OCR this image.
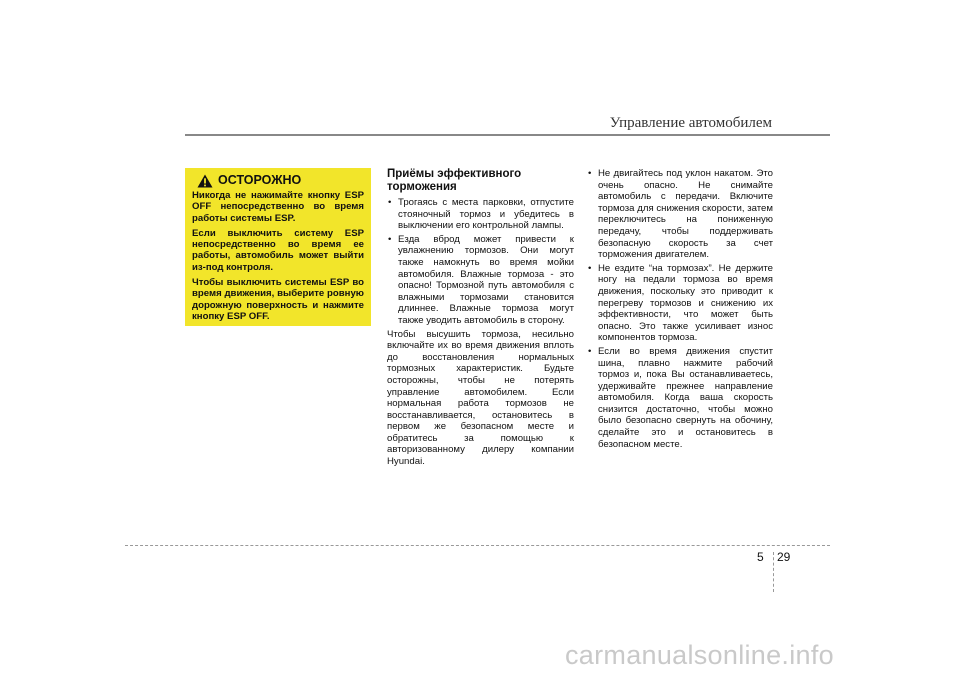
Управление автомобилем
ОСТОРОЖНО

Никогда не нажимайте кнопку ESP OFF непосредственно во время работы системы ESP.

Если выключить систему ESP непосредственно во время ее работы, автомобиль может выйти из-под контроля.

Чтобы выключить системы ESP во время движения, выберите ровную дорожную поверхность и нажмите кнопку ESP OFF.

Приёмы эффективного торможения
• Трогаясь с места парковки, отпустите стояночный тормоз и убедитесь в выключении его контрольной лампы.
• Езда вброд может привести к увлажнению тормозов. Они могут также намокнуть во время мойки автомобиля. Влажные тормоза - это опасно! Тормозной путь автомобиля с влажными тормозами становится длиннее. Влажные тормоза могут также уводить автомобиль в сторону.

Чтобы высушить тормоза, несильно включайте их во время движения вплоть до восстановления нормальных тормозных характеристик. Будьте осторожны, чтобы не потерять управление автомобилем. Если нормальная работа тормозов не восстанавливается, остановитесь в первом же безопасном месте и обратитесь за помощью к авторизованному дилеру компании Hyundai.

• Не двигайтесь под уклон накатом. Это очень опасно. Не снимайте автомобиль с передачи. Включите тормоза для снижения скорости, затем переключитесь на пониженную передачу, чтобы поддерживать безопасную скорость за счет торможения двигателем.
• Не ездите “на тормозах”. Не держите ногу на педали тормоза во время движения, поскольку это приводит к перегреву тормозов и снижению их эффективности, что может быть опасно. Это также усиливает износ компонентов тормоза.
• Если во время движения спустит шина, плавно нажмите рабочий тормоз и, пока Вы останавливаетесь, удерживайте прежнее направление автомобиля. Когда ваша скорость снизится достаточно, чтобы можно было безопасно свернуть на обочину, сделайте это и остановитесь в безопасном месте.
5 29
carmanualsonline.info
